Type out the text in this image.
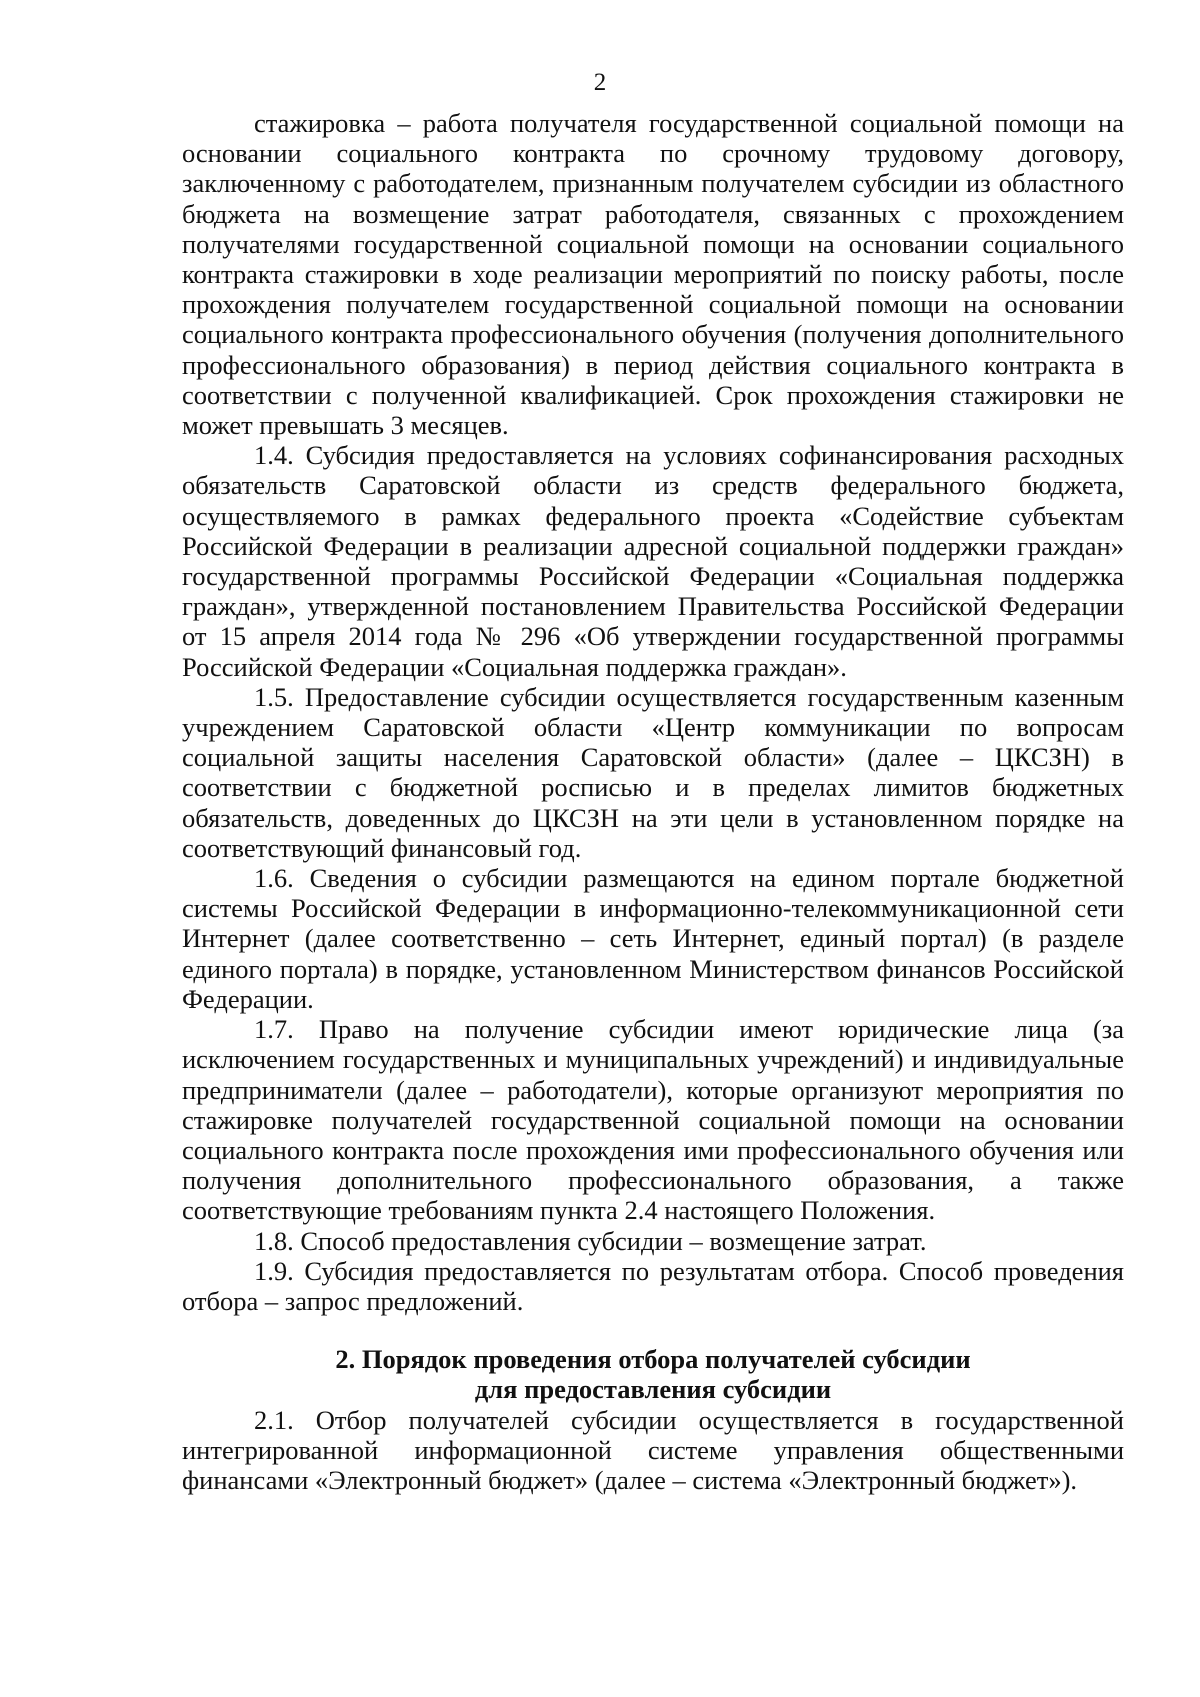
2

стажировка – работа получателя государственной социальной помощи на основании социального контракта по срочному трудовому договору, заключенному с работодателем, признанным получателем субсидии из областного бюджета на возмещение затрат работодателя, связанных с прохождением получателями государственной социальной помощи на основании социального контракта стажировки в ходе реализации мероприятий по поиску работы, после прохождения получателем государственной социальной помощи на основании социального контракта профессионального обучения (получения дополнительного профессионального образования) в период действия социального контракта в соответствии с полученной квалификацией. Срок прохождения стажировки не может превышать 3 месяцев.

1.4. Субсидия предоставляется на условиях софинансирования расходных обязательств Саратовской области из средств федерального бюджета, осуществляемого в рамках федерального проекта «Содействие субъектам Российской Федерации в реализации адресной социальной поддержки граждан» государственной программы Российской Федерации «Социальная поддержка граждан», утвержденной постановлением Правительства Российской Федерации от 15 апреля 2014 года № 296 «Об утверждении государственной программы Российской Федерации «Социальная поддержка граждан».

1.5. Предоставление субсидии осуществляется государственным казенным учреждением Саратовской области «Центр коммуникации по вопросам социальной защиты населения Саратовской области» (далее – ЦКСЗН) в соответствии с бюджетной росписью и в пределах лимитов бюджетных обязательств, доведенных до ЦКСЗН на эти цели в установленном порядке на соответствующий финансовый год.

1.6. Сведения о субсидии размещаются на едином портале бюджетной системы Российской Федерации в информационно-телекоммуникационной сети Интернет (далее соответственно – сеть Интернет, единый портал) (в разделе единого портала) в порядке, установленном Министерством финансов Российской Федерации.

1.7. Право на получение субсидии имеют юридические лица (за исключением государственных и муниципальных учреждений) и индивидуальные предприниматели (далее – работодатели), которые организуют мероприятия по стажировке получателей государственной социальной помощи на основании социального контракта после прохождения ими профессионального обучения или получения дополнительного профессионального образования, а также соответствующие требованиям пункта 2.4 настоящего Положения.

1.8. Способ предоставления субсидии – возмещение затрат.

1.9. Субсидия предоставляется по результатам отбора. Способ проведения отбора – запрос предложений.

2. Порядок проведения отбора получателей субсидии
для предоставления субсидии

2.1. Отбор получателей субсидии осуществляется в государственной интегрированной информационной системе управления общественными финансами «Электронный бюджет» (далее – система «Электронный бюджет»).
